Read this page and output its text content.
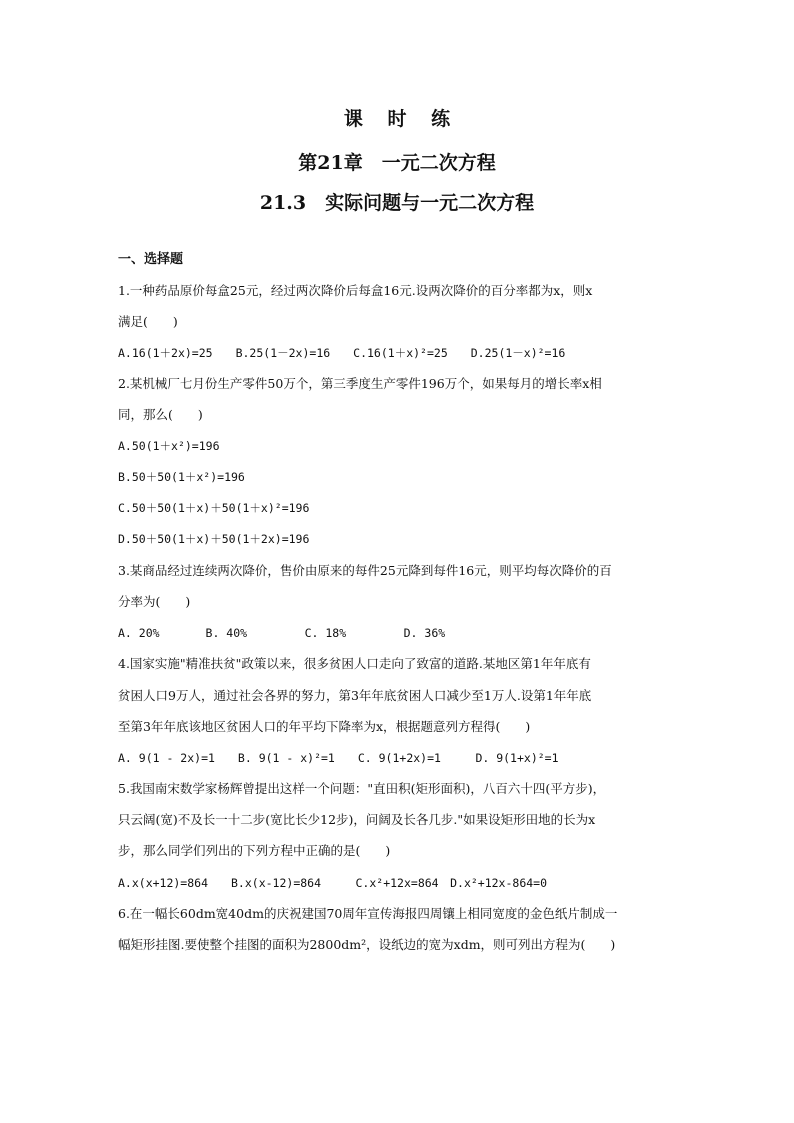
课 时 练
第21章　一元二次方程
21.3　实际问题与一元二次方程
一、选择题
1.一种药品原价每盒25元，经过两次降价后每盒16元.设两次降价的百分率都为x，则x
满足(　　)
A.16(1＋2x)=25　　B.25(1－2x)=16　　C.16(1＋x)²=25　　D.25(1－x)²=16
2.某机械厂七月份生产零件50万个，第三季度生产零件196万个，如果每月的增长率x相
同，那么(　　)
A.50(1＋x²)=196
B.50＋50(1＋x²)=196
C.50＋50(1＋x)＋50(1＋x)²=196
D.50＋50(1＋x)＋50(1＋2x)=196
3.某商品经过连续两次降价，售价由原来的每件25元降到每件16元，则平均每次降价的百
分率为(　　)
A. 20%　　　　B. 40%　　　　　C. 18%　　　　　D. 36%
4.国家实施"精准扶贫"政策以来，很多贫困人口走向了致富的道路.某地区第1年年底有
贫困人口9万人，通过社会各界的努力，第3年年底贫困人口减少至1万人.设第1年年底
至第3年年底该地区贫困人口的年平均下降率为x，根据题意列方程得(　　)
A. 9(1 - 2x)=1　　B. 9(1 - x)²=1　　C. 9(1+2x)=1　　　D. 9(1+x)²=1
5.我国南宋数学家杨辉曾提出这样一个问题："直田积(矩形面积)，八百六十四(平方步)，
只云阔(宽)不及长一十二步(宽比长少12步)，问阔及长各几步."如果设矩形田地的长为x
步，那么同学们列出的下列方程中正确的是(　　)
A.x(x+12)=864　　B.x(x-12)=864　　　C.x²+12x=864　D.x²+12x-864=0
6.在一幅长60dm宽40dm的庆祝建国70周年宣传海报四周镶上相同宽度的金色纸片制成一
幅矩形挂图.要使整个挂图的面积为2800dm²，设纸边的宽为xdm，则可列出方程为(　　)
